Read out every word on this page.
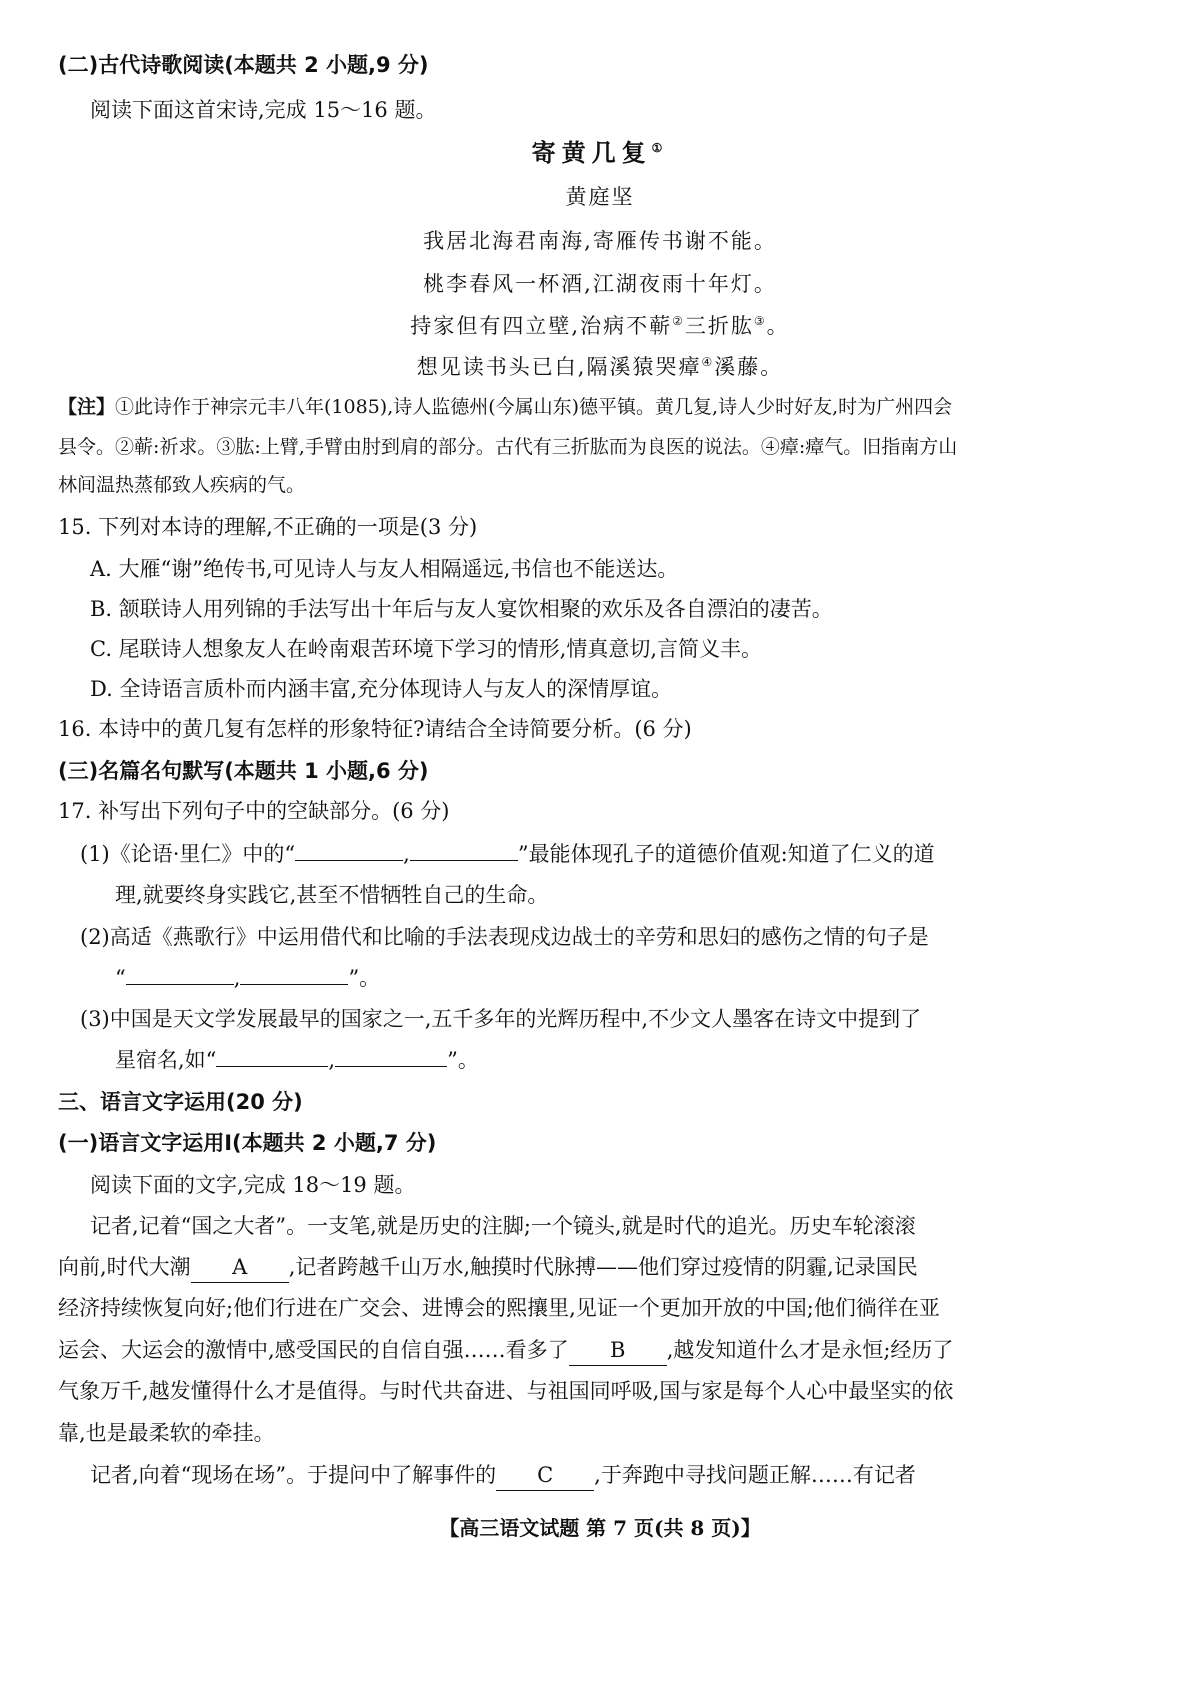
(二)古代诗歌阅读(本题共 2 小题,9 分)
阅读下面这首宋诗,完成 15～16 题。
寄黄几复①
黄庭坚
我居北海君南海,寄雁传书谢不能。
桃李春风一杯酒,江湖夜雨十年灯。
持家但有四立壁,治病不蕲②三折肱③。
想见读书头已白,隔溪猿哭瘴④溪藤。
【注】①此诗作于神宗元丰八年(1085),诗人监德州(今属山东)德平镇。黄几复,诗人少时好友,时为广州四会
县令。②蕲:祈求。③肱:上臂,手臂由肘到肩的部分。古代有三折肱而为良医的说法。④瘴:瘴气。旧指南方山
林间温热蒸郁致人疾病的气。
15. 下列对本诗的理解,不正确的一项是(3 分)
A. 大雁“谢”绝传书,可见诗人与友人相隔遥远,书信也不能送达。
B. 颔联诗人用列锦的手法写出十年后与友人宴饮相聚的欢乐及各自漂泊的凄苦。
C. 尾联诗人想象友人在岭南艰苦环境下学习的情形,情真意切,言简义丰。
D. 全诗语言质朴而内涵丰富,充分体现诗人与友人的深情厚谊。
16. 本诗中的黄几复有怎样的形象特征?请结合全诗简要分析。(6 分)
(三)名篇名句默写(本题共 1 小题,6 分)
17. 补写出下列句子中的空缺部分。(6 分)
(1)《论语·里仁》中的“	,	”最能体现孔子的道德价值观:知道了仁义的道
理,就要终身实践它,甚至不惜牺牲自己的生命。
(2)高适《燕歌行》中运用借代和比喻的手法表现戍边战士的辛劳和思妇的感伤之情的句子是
“	,	”。
(3)中国是天文学发展最早的国家之一,五千多年的光辉历程中,不少文人墨客在诗文中提到了
星宿名,如“	,	”。
三、语言文字运用(20 分)
(一)语言文字运用Ⅰ(本题共 2 小题,7 分)
阅读下面的文字,完成 18～19 题。
记者,记着“国之大者”。一支笔,就是历史的注脚;一个镜头,就是时代的追光。历史车轮滚滚
向前,时代大潮 A ,记者跨越千山万水,触摸时代脉搏——他们穿过疫情的阴霾,记录国民
经济持续恢复向好;他们行进在广交会、进博会的熙攘里,见证一个更加开放的中国;他们徜徉在亚
运会、大运会的激情中,感受国民的自信自强……看多了 B ,越发知道什么才是永恒;经历了
气象万千,越发懂得什么才是值得。与时代共奋进、与祖国同呼吸,国与家是每个人心中最坚实的依
靠,也是最柔软的牵挂。
记者,向着“现场在场”。于提问中了解事件的 C ,于奔跑中寻找问题正解……有记者
【高三语文试题 第 7 页(共 8 页)】
